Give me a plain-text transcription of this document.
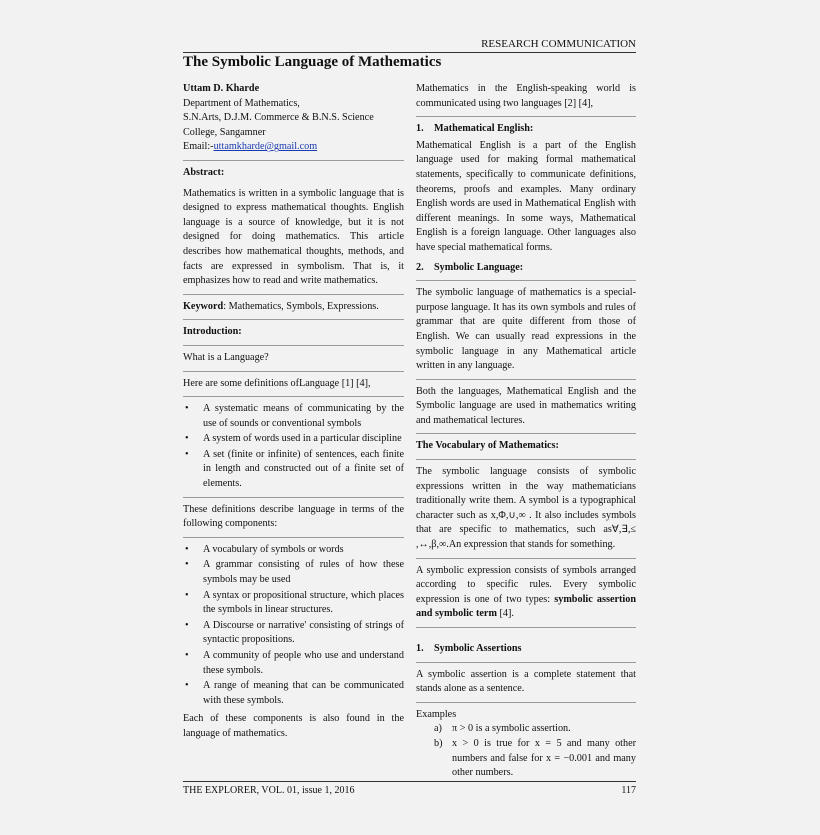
RESEARCH COMMUNICATION
The Symbolic Language of Mathematics

Uttam D. Kharde

Department of Mathematics,

S.N.Arts, D.J.M. Commerce & B.N.S. Science

College, Sangamner

Email:-uttamkharde@gmail.com

Abstract:

Mathematics is written in a symbolic language that is designed to express mathematical thoughts. English language is a source of knowledge, but it is not designed for doing mathematics. This article describes how mathematical thoughts, methods, and facts are expressed in symbolism. That is, it emphasizes how to read and write mathematics.

Keyword: Mathematics, Symbols, Expressions.

Introduction:

What is a Language?

Here are some definitions ofLanguage [1] [4],

• A systematic means of communicating by the use of sounds or conventional symbols
• A system of words used in a particular discipline
• A set (finite or infinite) of sentences, each finite in length and constructed out of a finite set of elements.

These definitions describe language in terms of the following components:

• A vocabulary of symbols or words
• A grammar consisting of rules of how these symbols may be used
• A syntax or propositional structure, which places the symbols in linear structures.
• A Discourse or narrative' consisting of strings of syntactic propositions.
• A community of people who use and understand these symbols.
• A range of meaning that can be communicated with these symbols.

Each of these components is also found in the language of mathematics.

Mathematics in the English-speaking world is communicated using two languages [2] [4],

1. Mathematical English:

Mathematical English is a part of the English language used for making formal mathematical statements, specifically to communicate definitions, theorems, proofs and examples. Many ordinary English words are used in Mathematical English with different meanings. In some ways, Mathematical English is a foreign language. Other languages also have special mathematical forms.

2. Symbolic Language:

The symbolic language of mathematics is a special-purpose language. It has its own symbols and rules of grammar that are quite different from those of English. We can usually read expressions in the symbolic language in any Mathematical article written in any language.

Both the languages, Mathematical English and the Symbolic language are used in mathematics writing and mathematical lectures.

The Vocabulary of Mathematics:

The symbolic language consists of symbolic expressions written in the way mathematicians traditionally write them. A symbol is a typographical character such as x,Φ,∪,∞ . It also includes symbols that are specific to mathematics, such as∀,∃,≤ ,↔,β,∞.An expression that stands for something.

A symbolic expression consists of symbols arranged according to specific rules. Every symbolic expression is one of two types: symbolic assertion and symbolic term [4].

1. Symbolic Assertions

A symbolic assertion is a complete statement that stands alone as a sentence.

Examples

a) π > 0 is a symbolic assertion.
b) x > 0 is true for x = 5 and many other numbers and false for x = −0.001 and many other numbers.
THE EXPLORER, VOL. 01, issue 1, 2016	117
